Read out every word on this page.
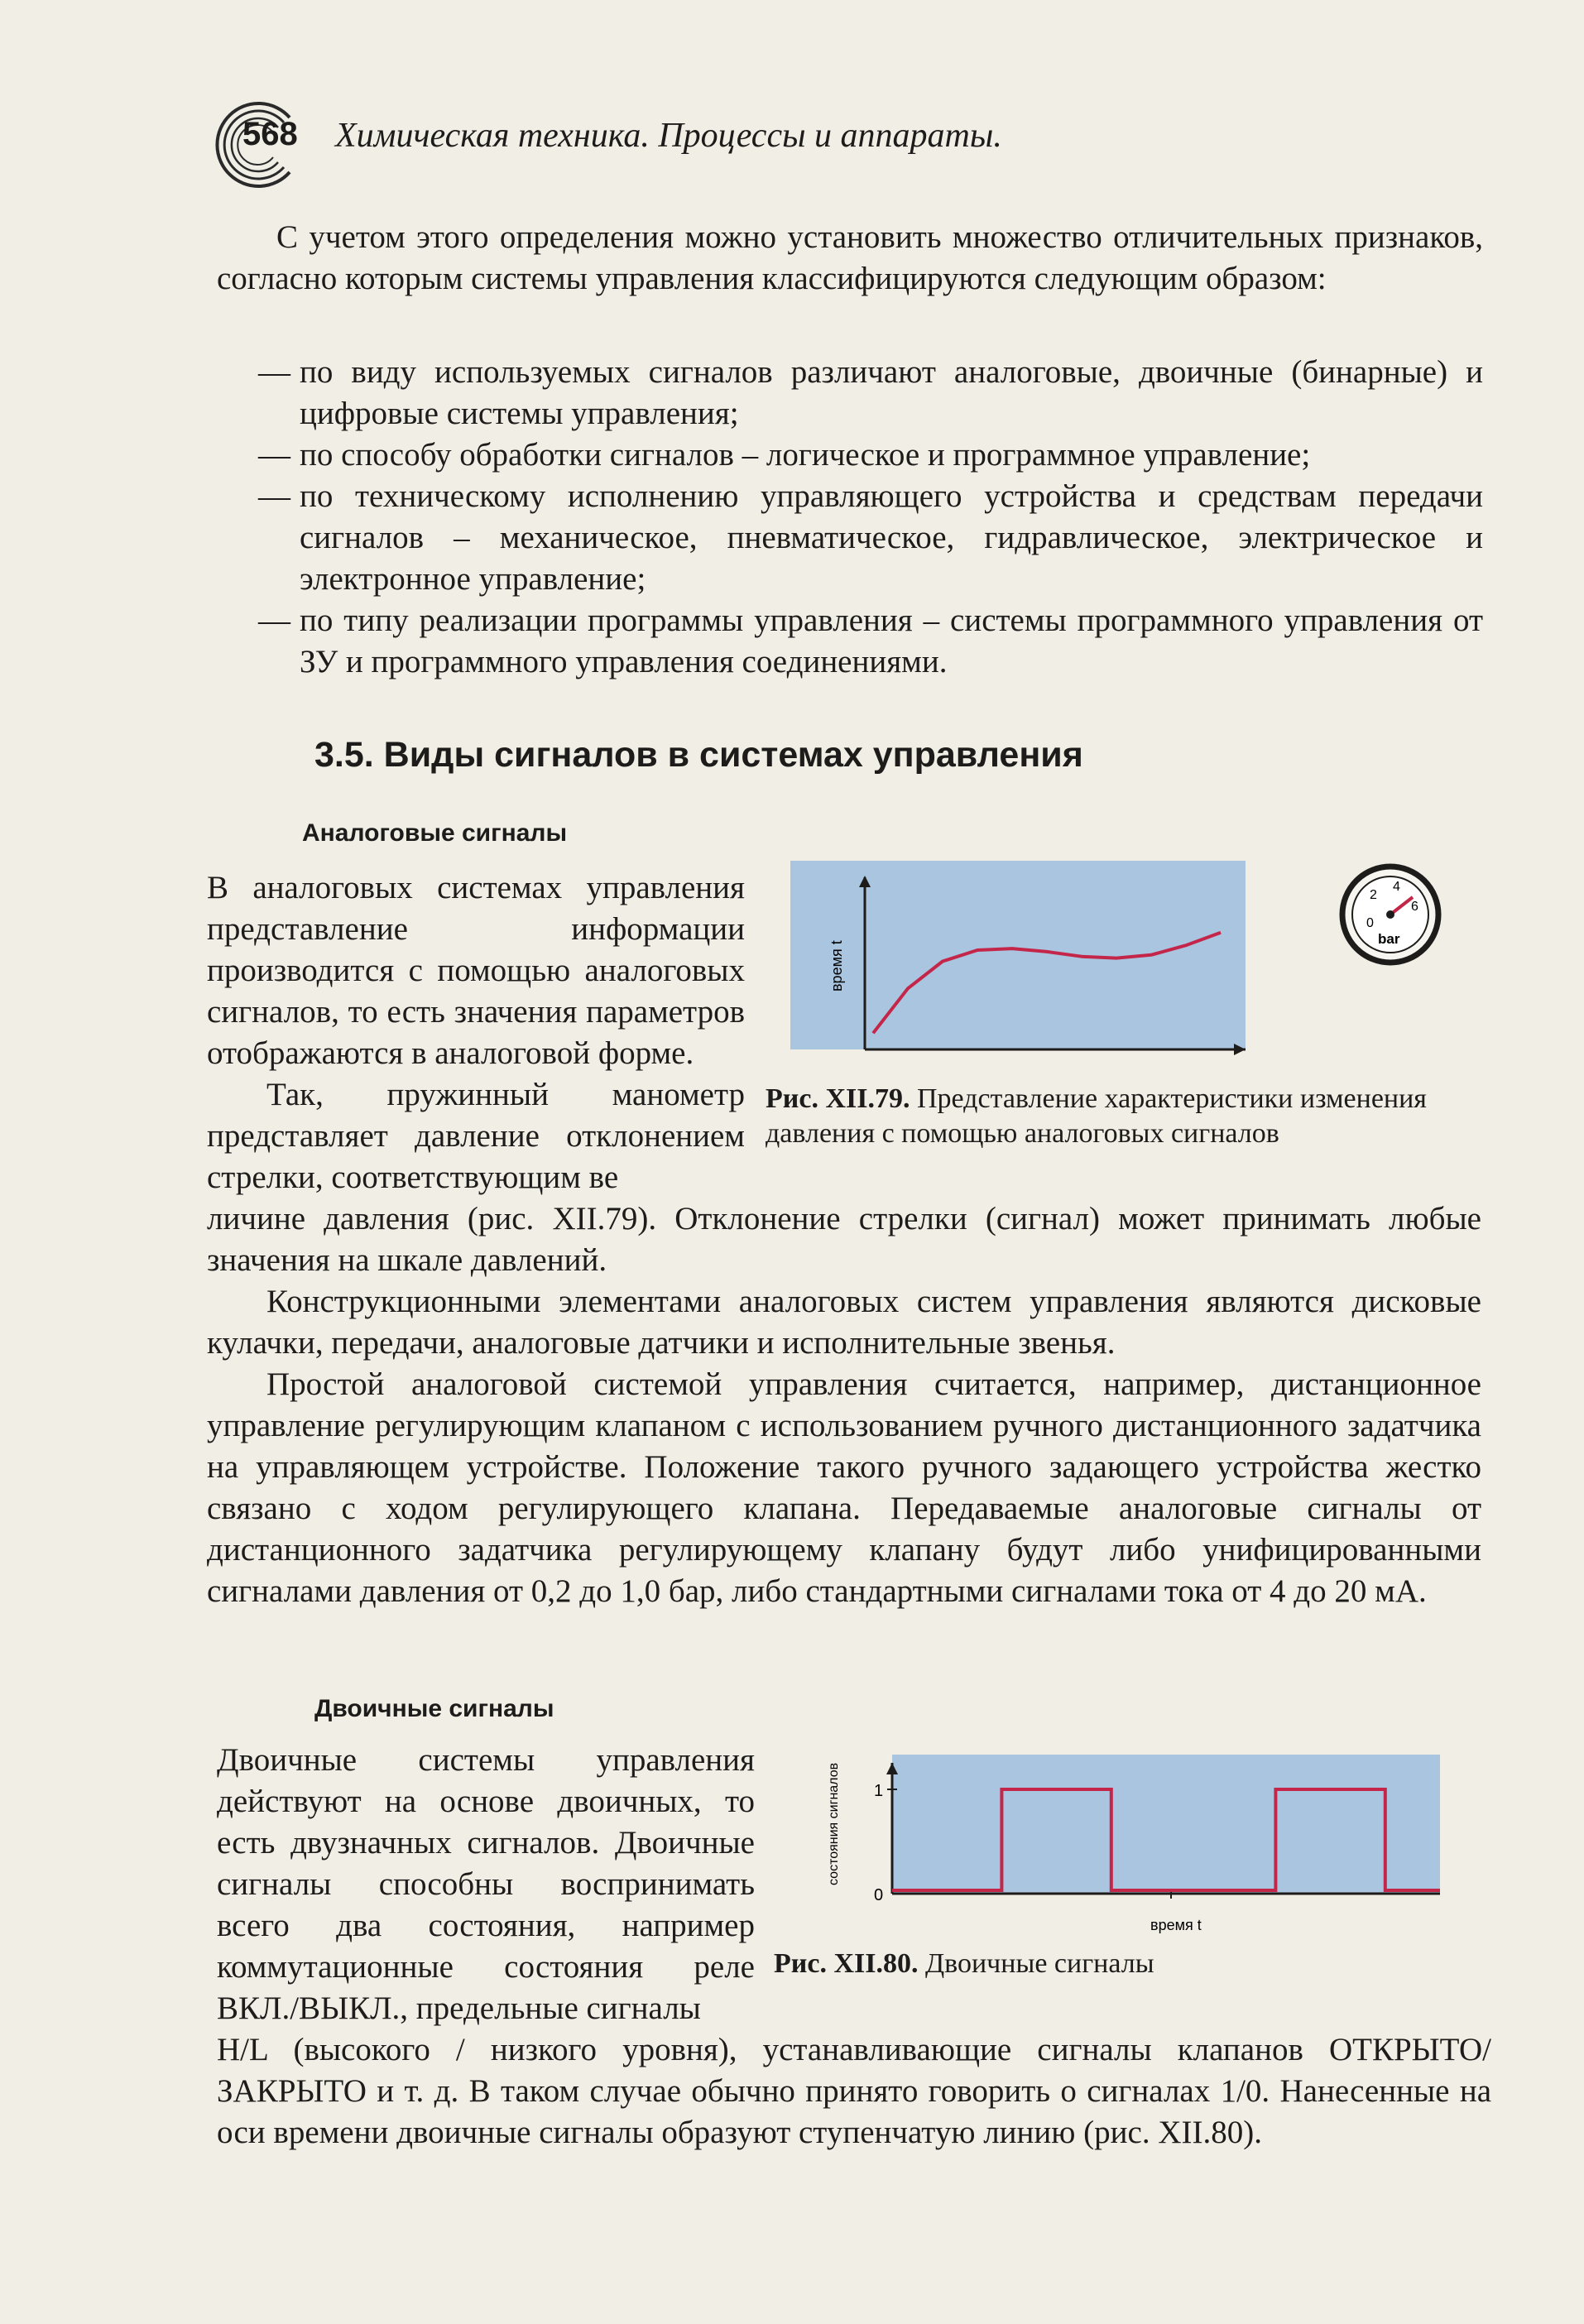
568 Химическая техника. Процессы и аппараты.

С учетом этого определения можно установить множество отличительных признаков, согласно которым системы управления классифицируются следующим образом:

— по виду используемых сигналов различают аналоговые, двоичные (бинарные) и цифровые системы управления;
— по способу обработки сигналов – логическое и программное управление;
— по техническому исполнению управляющего устройства и средствам передачи сигналов – механическое, пневматическое, гидравлическое, электрическое и электронное управление;
— по типу реализации программы управления – системы программного управления от ЗУ и программного управления соединениями.
3.5. Виды сигналов в системах управления
Аналоговые сигналы

В аналоговых системах управления представление информации производится с помощью аналоговых сигналов, то есть значения параметров отображаются в аналоговой форме.

Так, пружинный манометр представляет давление отклонением стрелки, соответствующим ве

время t
0
2
4
6
bar
Рис. XII.79. Представление характеристики изменения давления с помощью аналоговых сигналов

Конструкционными элементами аналоговых систем управления являются дисковые кулачки, передачи, аналоговые датчики и исполнительные звенья.

Простой аналоговой системой управления считается, например, дистанционное управление регулирующим клапаном с использованием ручного дистанционного задатчика на управляющем устройстве. Положение такого ручного задающего устройства жестко связано с ходом регулирующего клапана. Передаваемые аналоговые сигналы от дистанционного задатчика регулирующему клапану будут либо унифицированными сигналами давления от 0,2 до 1,0 бар, либо стандартными сигналами тока от 4 до 20 мА.

Двоичные сигналы

Двоичные системы управления действуют на основе двоичных, то есть двузначных сигналов. Двоичные сигналы способны воспринимать всего два состояния, например коммутационные состояния реле ВКЛ./ВЫКЛ., предельные сигналы

0
1
состояния сигналов
время t
Рис. XII.80. Двоичные сигналы

личине давления (рис. XII.79). Отклонение стрелки (сигнал) может принимать любые значения на шкале давлений.

H/L (высокого / низкого уровня), устанавливающие сигналы клапанов ОТКРЫТО/ЗАКРЫТО и т. д. В таком случае обычно принято говорить о сигналах 1/0. Нанесенные на оси времени двоичные сигналы образуют ступенчатую линию (рис. XII.80).
